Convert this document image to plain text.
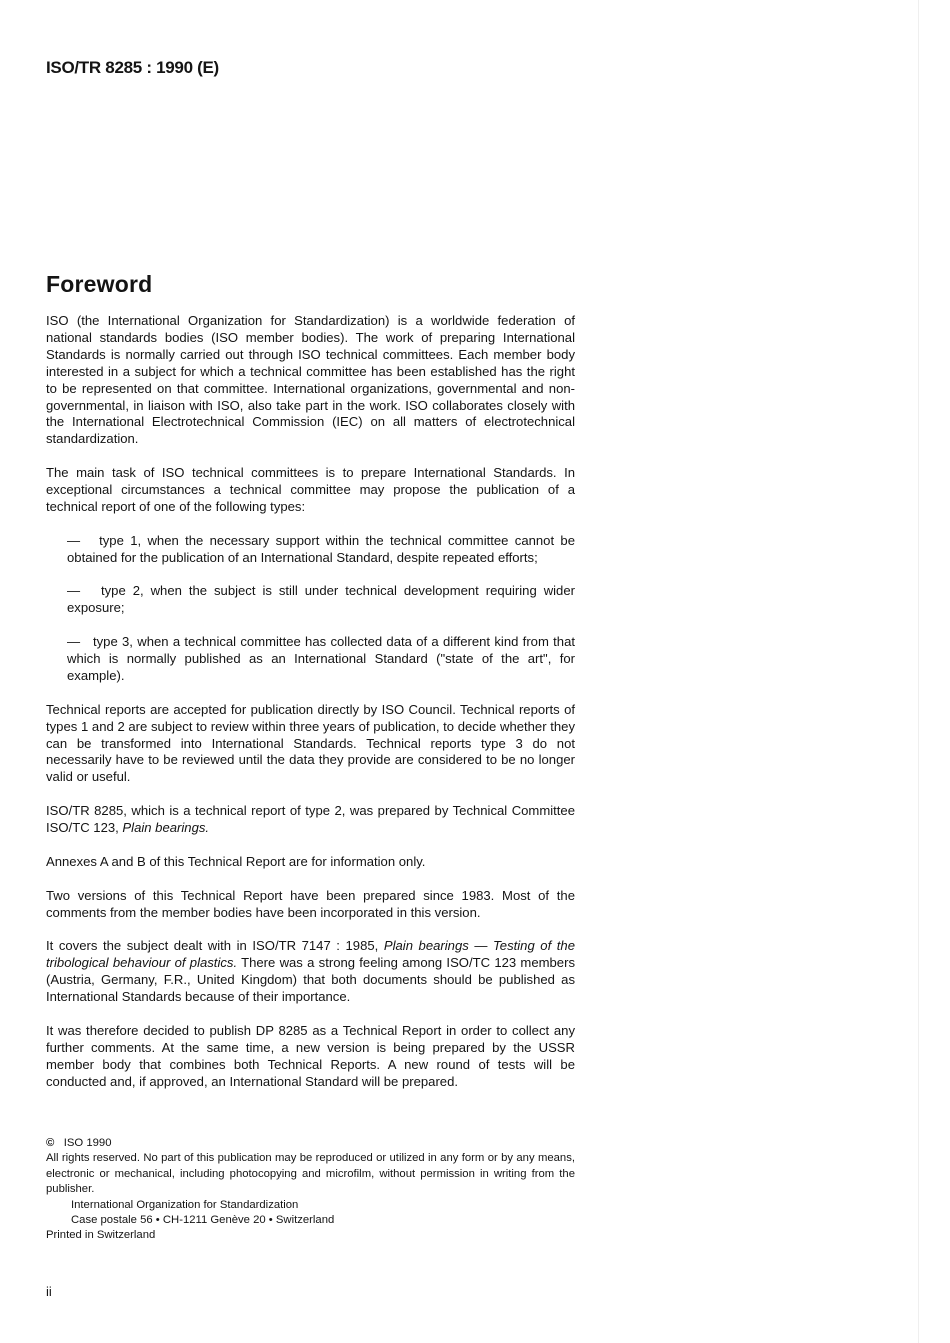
ISO/TR 8285 : 1990 (E)
Foreword

ISO (the International Organization for Standardization) is a worldwide federation of national standards bodies (ISO member bodies). The work of preparing International Standards is normally carried out through ISO technical committees. Each member body interested in a subject for which a technical committee has been established has the right to be represented on that committee. International organizations, governmental and non-governmental, in liaison with ISO, also take part in the work. ISO collaborates closely with the International Electrotechnical Commission (IEC) on all matters of electrotechnical standardization.

The main task of ISO technical committees is to prepare International Standards. In exceptional circumstances a technical committee may propose the publication of a technical report of one of the following types:

— type 1, when the necessary support within the technical committee cannot be obtained for the publication of an International Standard, despite repeated efforts;

— type 2, when the subject is still under technical development requiring wider exposure;

— type 3, when a technical committee has collected data of a different kind from that which is normally published as an International Standard ("state of the art", for example).

Technical reports are accepted for publication directly by ISO Council. Technical reports of types 1 and 2 are subject to review within three years of publication, to decide whether they can be transformed into International Standards. Technical reports type 3 do not necessarily have to be reviewed until the data they provide are considered to be no longer valid or useful.

ISO/TR 8285, which is a technical report of type 2, was prepared by Technical Committee ISO/TC 123, Plain bearings.

Annexes A and B of this Technical Report are for information only.

Two versions of this Technical Report have been prepared since 1983. Most of the comments from the member bodies have been incorporated in this version.

It covers the subject dealt with in ISO/TR 7147 : 1985, Plain bearings — Testing of the tribological behaviour of plastics. There was a strong feeling among ISO/TC 123 members (Austria, Germany, F.R., United Kingdom) that both documents should be published as International Standards because of their importance.

It was therefore decided to publish DP 8285 as a Technical Report in order to collect any further comments. At the same time, a new version is being prepared by the USSR member body that combines both Technical Reports. A new round of tests will be conducted and, if approved, an International Standard will be prepared.

© ISO 1990

All rights reserved. No part of this publication may be reproduced or utilized in any form or by any means, electronic or mechanical, including photocopying and microfilm, without permission in writing from the publisher.

International Organization for Standardization

Case postale 56 • CH-1211 Genève 20 • Switzerland

Printed in Switzerland

ii
